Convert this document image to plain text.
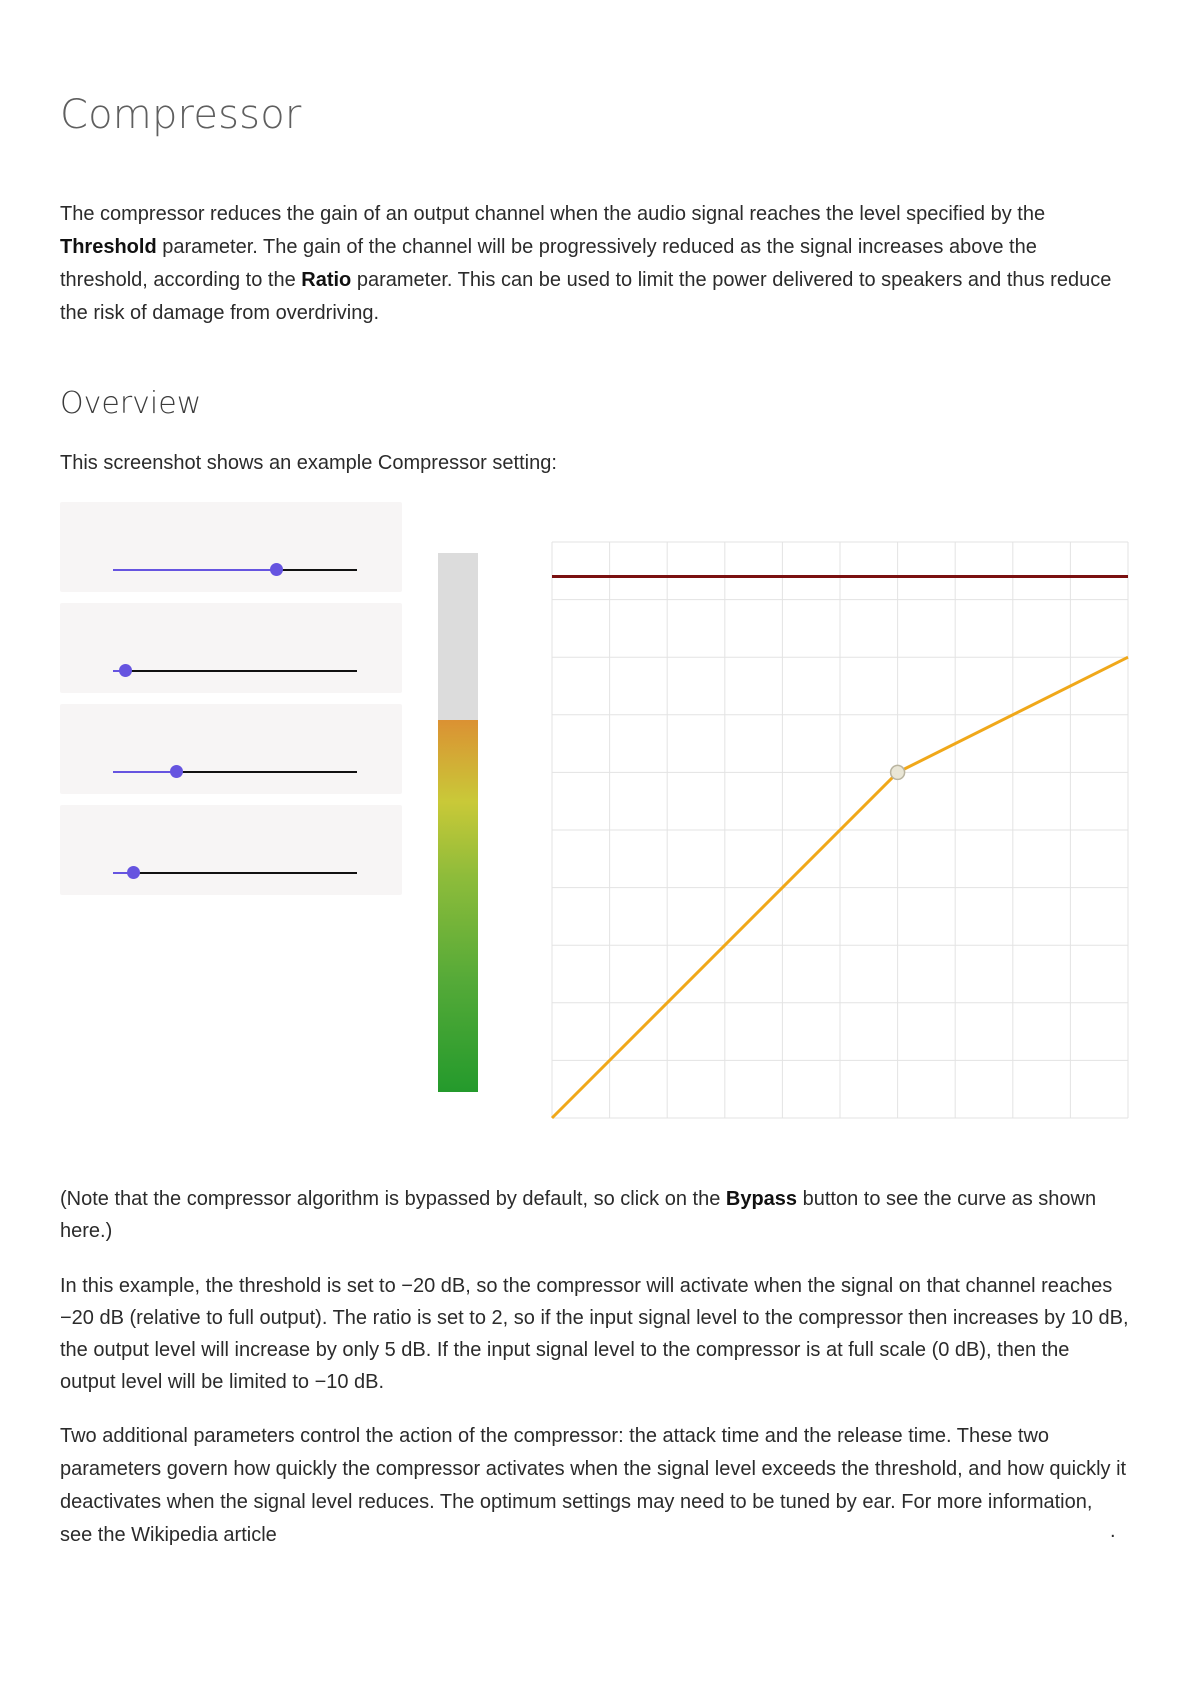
Compressor

The compressor reduces the gain of an output channel when the audio signal reaches the level specified by the Threshold parameter. The gain of the channel will be progressively reduced as the signal increases above the threshold, according to the Ratio parameter. This can be used to limit the power delivered to speakers and thus reduce the risk of damage from overdriving.

Overview

This screenshot shows an example Compressor setting:

(Note that the compressor algorithm is bypassed by default, so click on the Bypass button to see the curve as shown here.)

In this example, the threshold is set to −20 dB, so the compressor will activate when the signal on that channel reaches −20 dB (relative to full output). The ratio is set to 2, so if the input signal level to the compressor then increases by 10 dB, the output level will increase by only 5 dB. If the input signal level to the compressor is at full scale (0 dB), then the output level will be limited to −10 dB.

Two additional parameters control the action of the compressor: the attack time and the release time. These two parameters govern how quickly the compressor activates when the signal level exceeds the threshold, and how quickly it deactivates when the signal level reduces. The optimum settings may need to be tuned by ear. For more information, see the Wikipedia article	.
